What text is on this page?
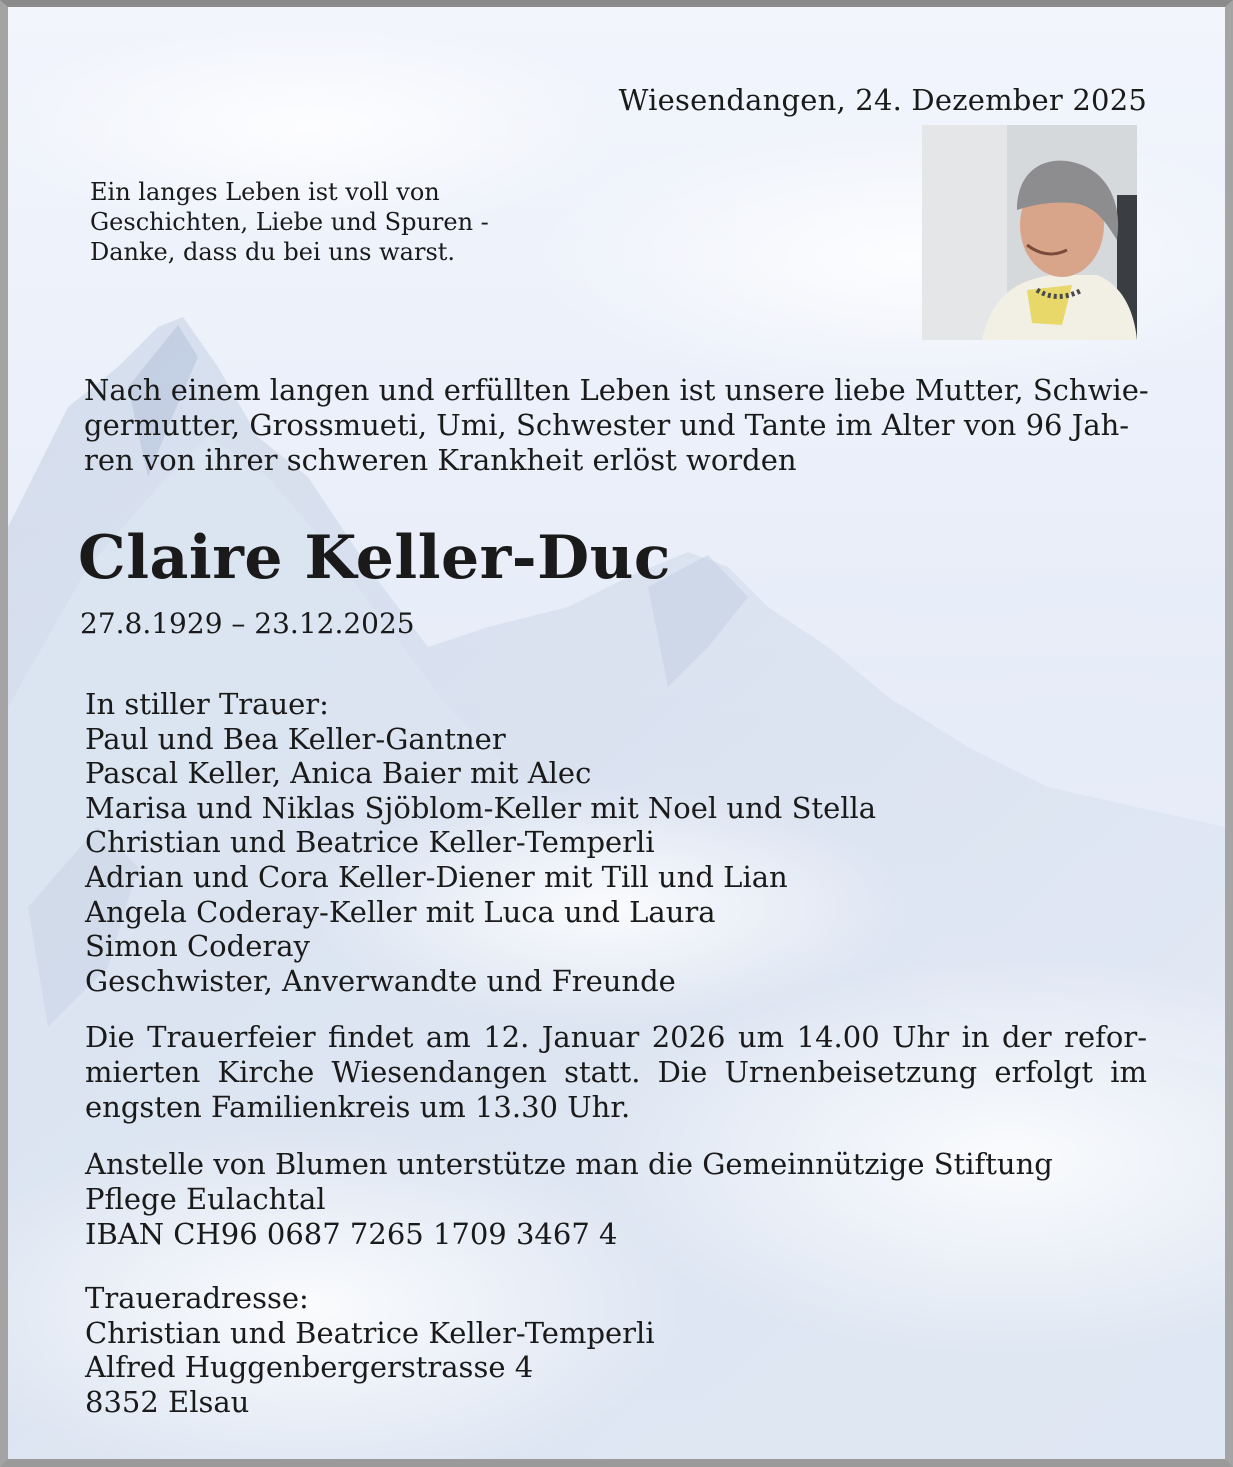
Wiesendangen, 24. Dezember 2025
Ein langes Leben ist voll von
Geschichten, Liebe und Spuren -
Danke, dass du bei uns warst.
Nach einem langen und erfüllten Leben ist unsere liebe Mutter, Schwie-
germutter, Grossmueti, Umi, Schwester und Tante im Alter von 96 Jah-
ren von ihrer schweren Krankheit erlöst worden
Claire Keller-Duc
27.8.1929 – 23.12.2025
In stiller Trauer:
Paul und Bea Keller-Gantner
Pascal Keller, Anica Baier mit Alec
Marisa und Niklas Sjöblom-Keller mit Noel und Stella
Christian und Beatrice Keller-Temperli
Adrian und Cora Keller-Diener mit Till und Lian
Angela Coderay-Keller mit Luca und Laura
Simon Coderay
Geschwister, Anverwandte und Freunde
Die Trauerfeier findet am 12. Januar 2026 um 14.00 Uhr in der refor-
mierten Kirche Wiesendangen statt. Die Urnenbeisetzung erfolgt im
engsten Familienkreis um 13.30 Uhr.
Anstelle von Blumen unterstütze man die Gemeinnützige Stiftung
Pflege Eulachtal
IBAN CH96 0687 7265 1709 3467 4
Traueradresse:
Christian und Beatrice Keller-Temperli
Alfred Huggenbergerstrasse 4
8352 Elsau
